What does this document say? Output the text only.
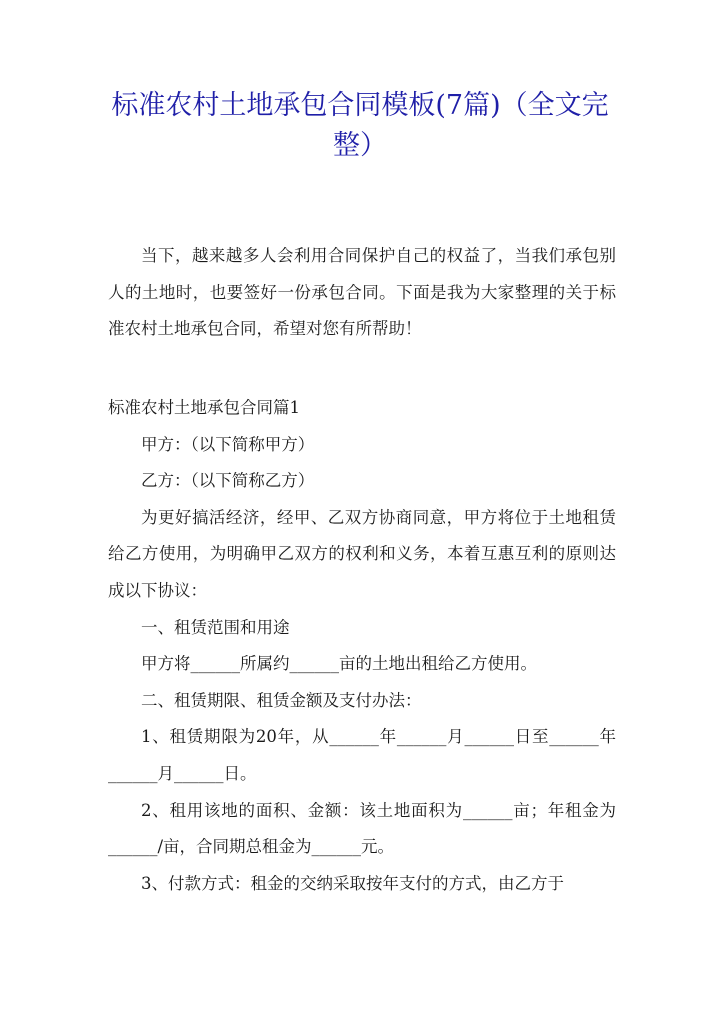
标准农村土地承包合同模板(7篇)（全文完整）

当下，越来越多人会利用合同保护自己的权益了，当我们承包别人的土地时，也要签好一份承包合同。下面是我为大家整理的关于标准农村土地承包合同，希望对您有所帮助！

标准农村土地承包合同篇1

甲方：（以下简称甲方）

乙方：（以下简称乙方）

为更好搞活经济，经甲、乙双方协商同意，甲方将位于土地租赁给乙方使用，为明确甲乙双方的权利和义务，本着互惠互利的原则达成以下协议：

一、租赁范围和用途

甲方将______所属约______亩的土地出租给乙方使用。

二、租赁期限、租赁金额及支付办法：

1、租赁期限为20年，从______年______月______日至______年______月______日。

2、租用该地的面积、金额：该土地面积为______亩；年租金为______/亩，合同期总租金为______元。

3、付款方式：租金的交纳采取按年支付的方式，由乙方于
